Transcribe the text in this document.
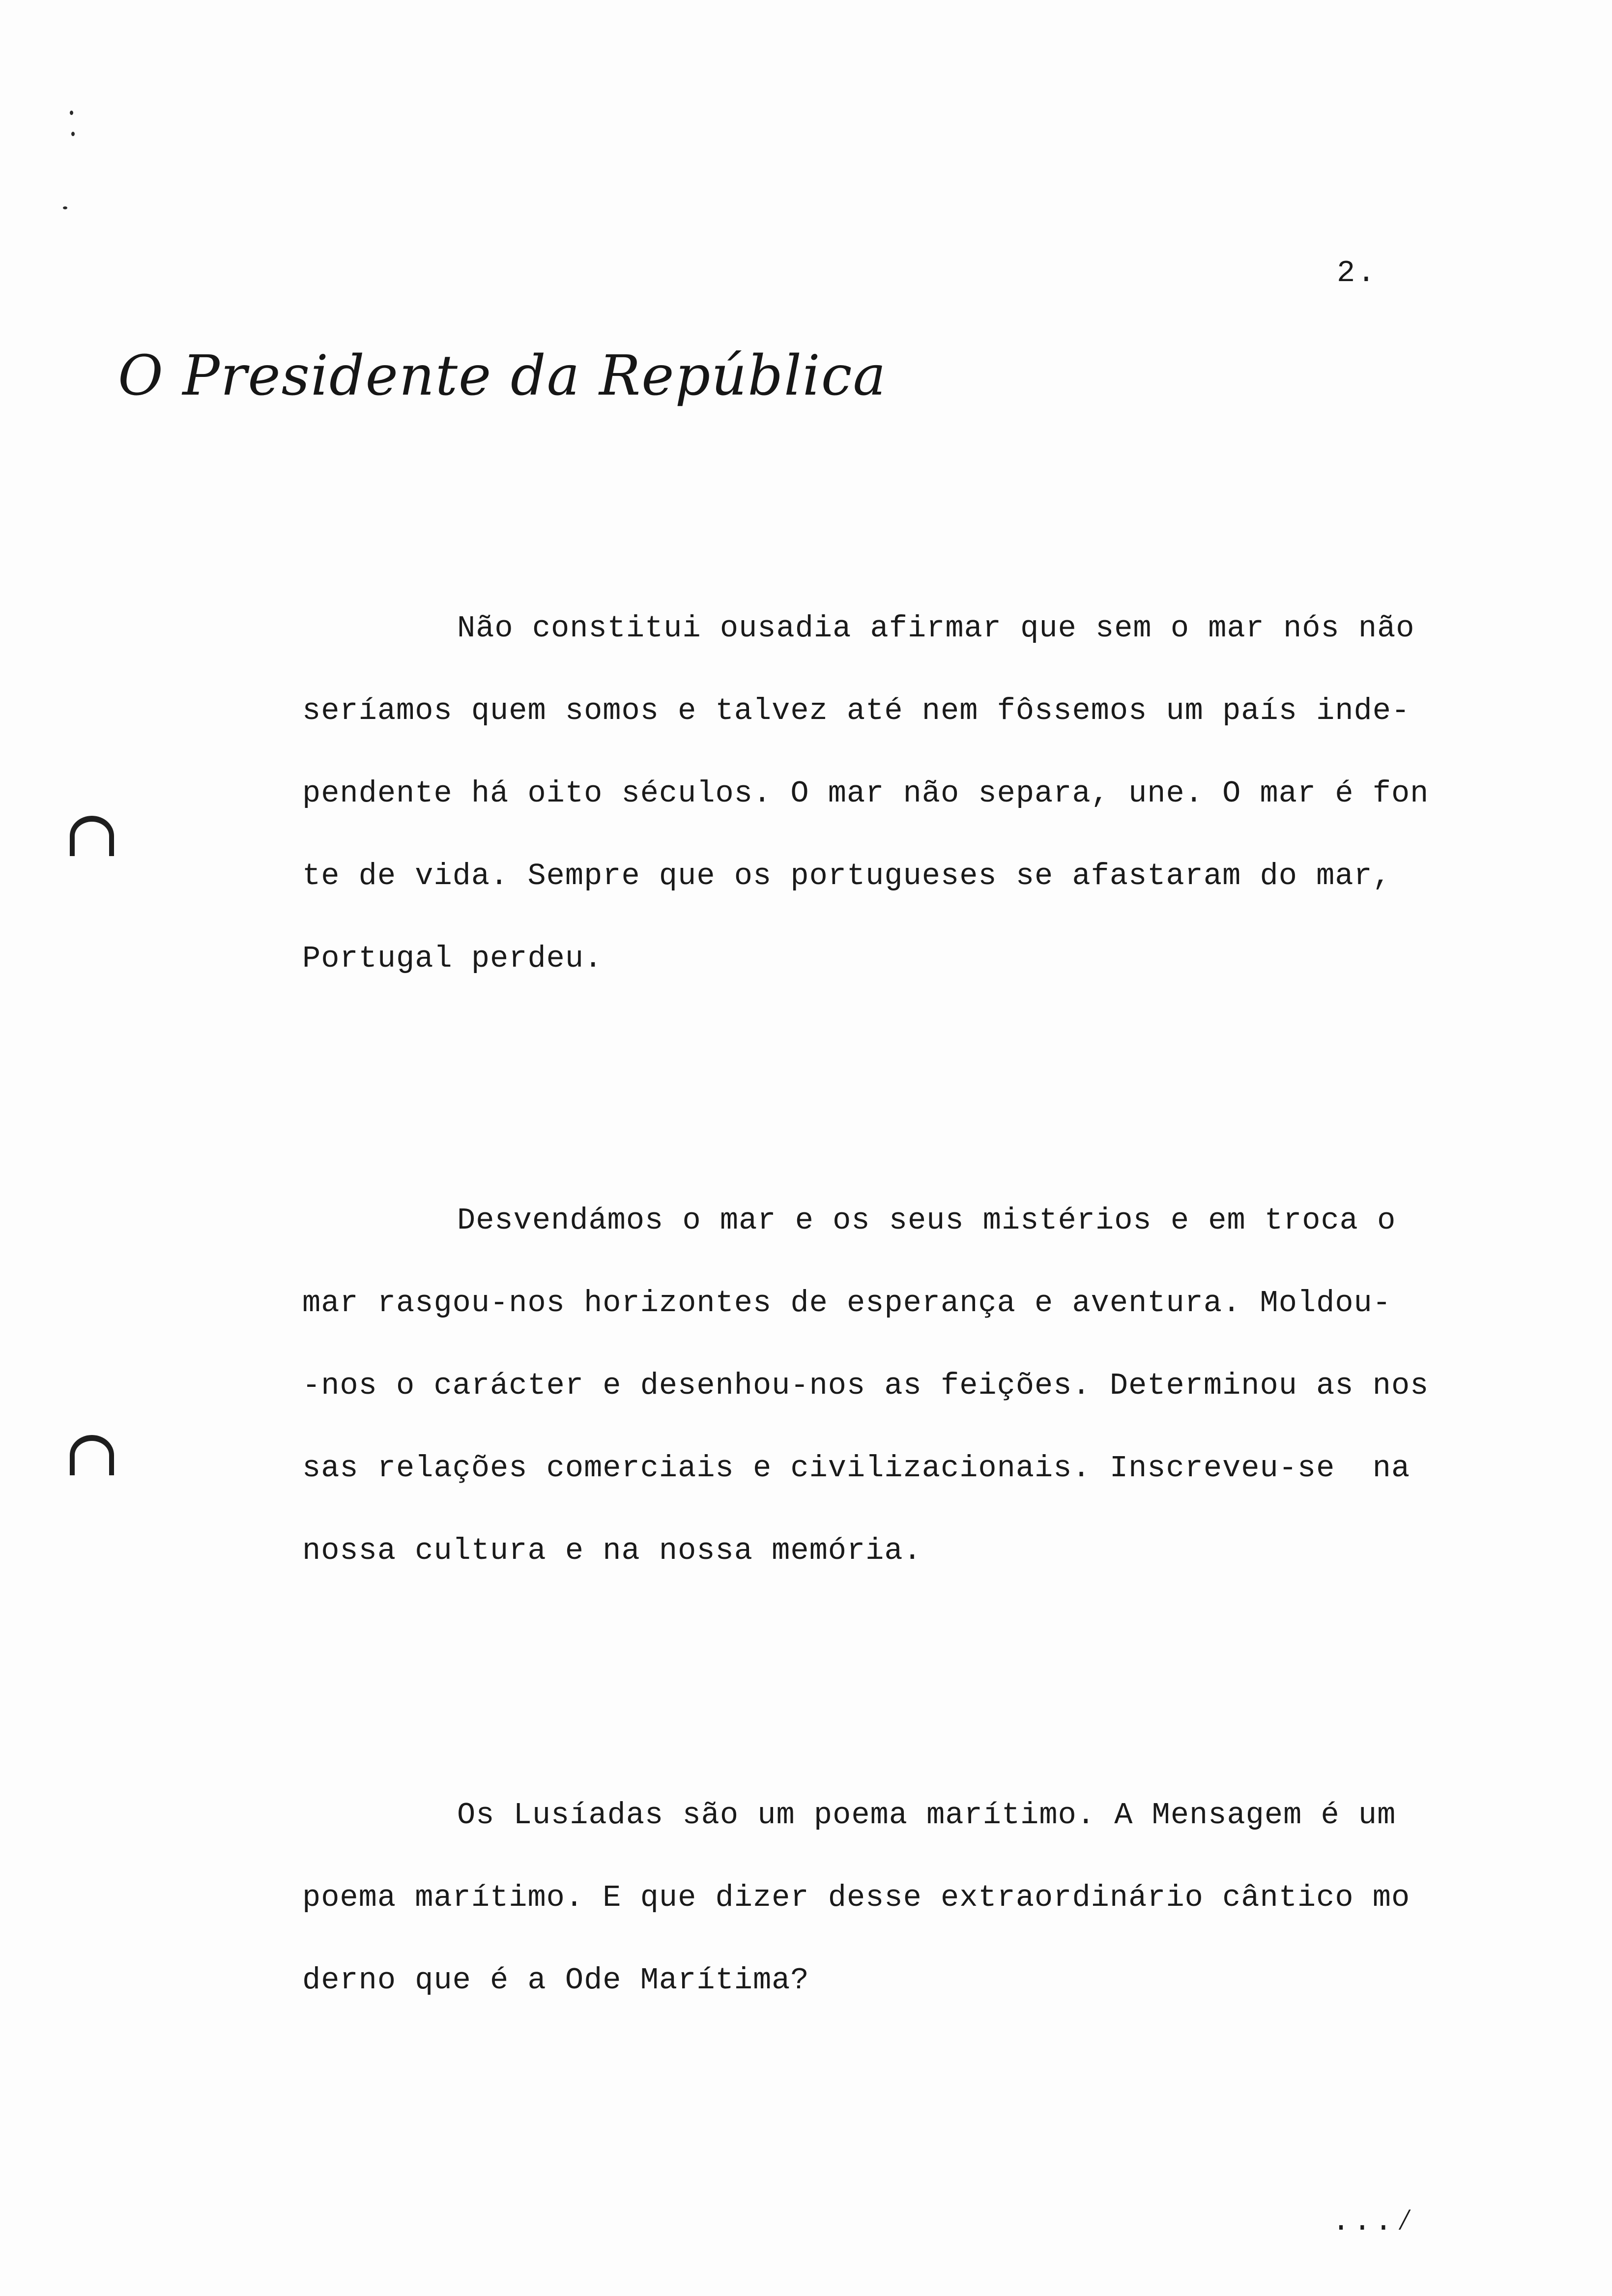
2.
O Presidente da República
Não constitui ousadia afirmar que sem o mar nós não
seríamos quem somos e talvez até nem fôssemos um país inde-
pendente há oito séculos. O mar não separa, une. O mar é fon
te de vida. Sempre que os portugueses se afastaram do mar,
Portugal perdeu.
Desvendámos o mar e os seus mistérios e em troca o
mar rasgou-nos horizontes de esperança e aventura. Moldou-
-nos o carácter e desenhou-nos as feições. Determinou as nos
sas relações comerciais e civilizacionais. Inscreveu-se  na
nossa cultura e na nossa memória.
Os Lusíadas são um poema marítimo. A Mensagem é um
poema marítimo. E que dizer desse extraordinário cântico mo
derno que é a Ode Marítima?
...∕
